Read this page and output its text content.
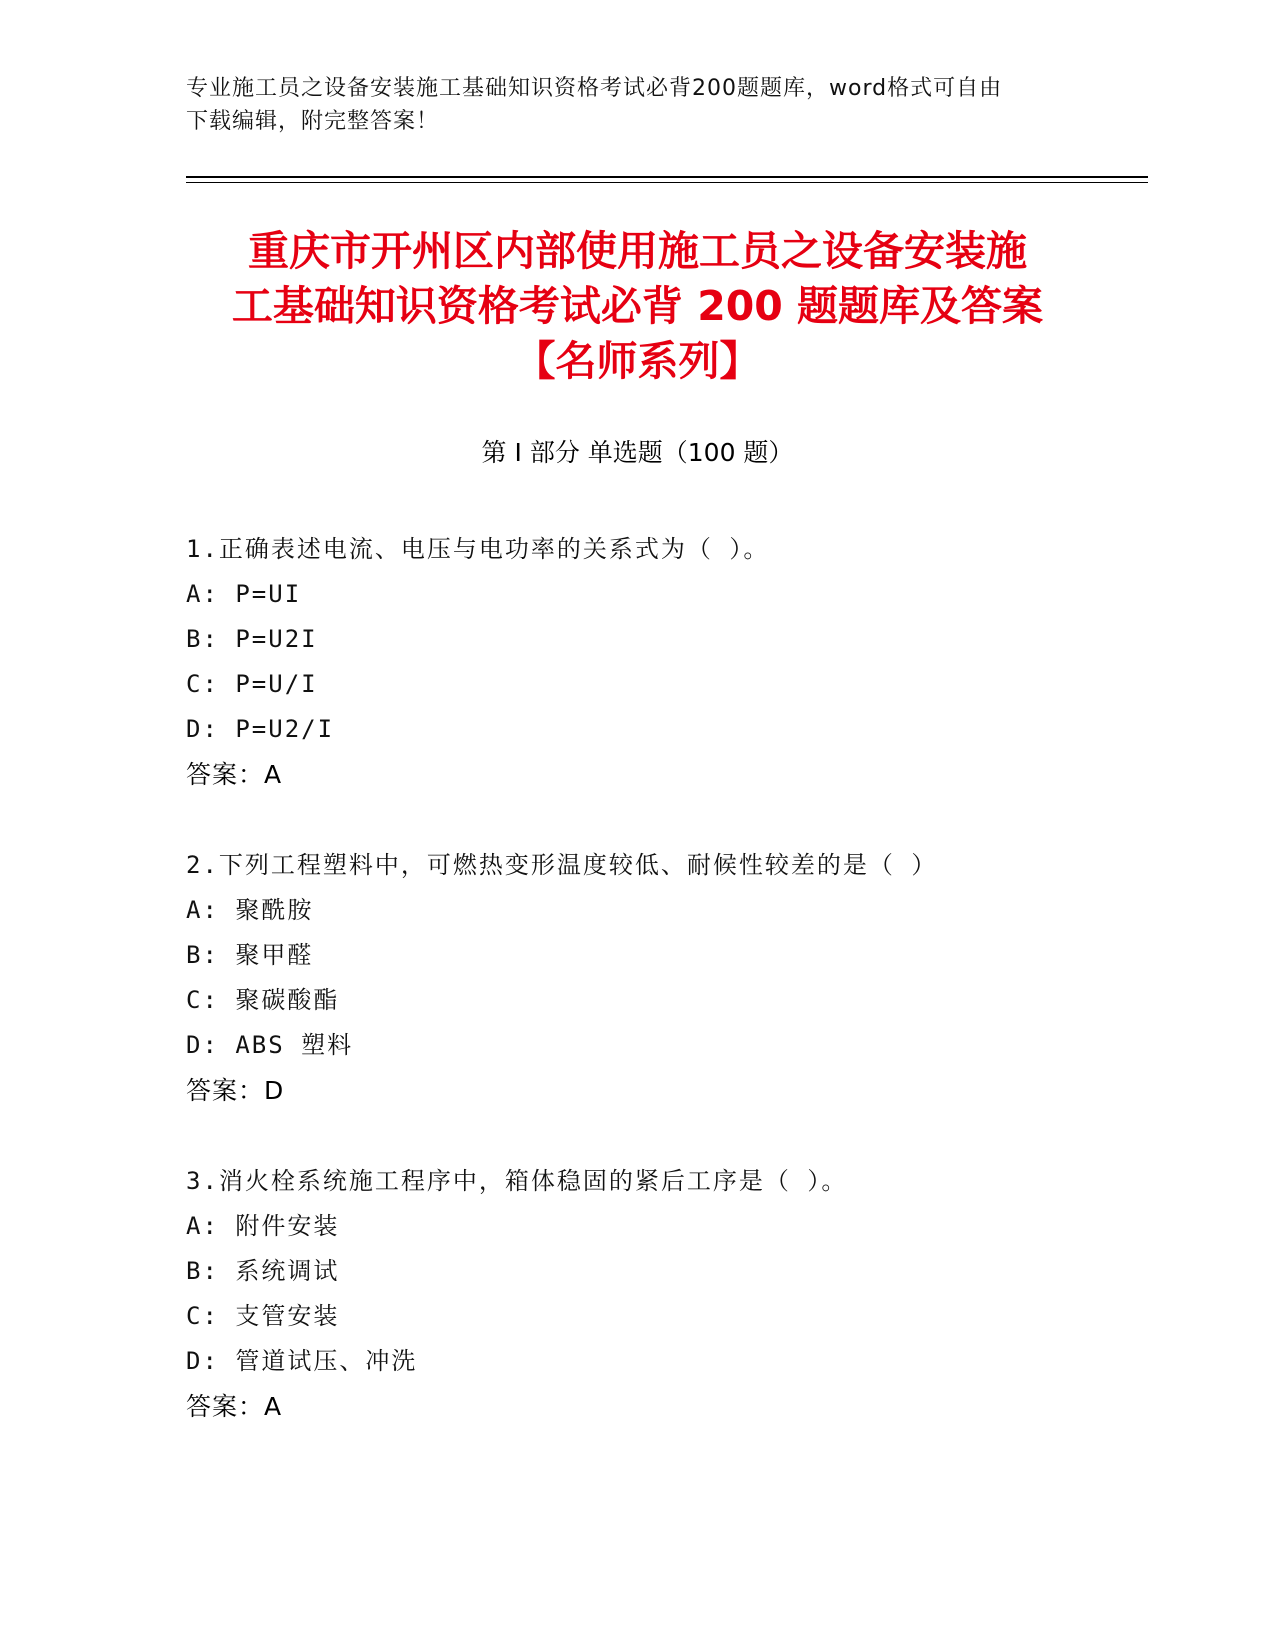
专业施工员之设备安装施工基础知识资格考试必背200题题库，word格式可自由
下载编辑，附完整答案！
重庆市开州区内部使用施工员之设备安装施
工基础知识资格考试必背 200 题题库及答案
【名师系列】
第 I 部分 单选题（100 题）
1.正确表述电流、电压与电功率的关系式为（ ）。
A: P=UI
B: P=U2I
C: P=U/I
D: P=U2/I
答案：A
2.下列工程塑料中，可燃热变形温度较低、耐候性较差的是（ ）
A: 聚酰胺
B: 聚甲醛
C: 聚碳酸酯
D: ABS 塑料
答案：D
3.消火栓系统施工程序中，箱体稳固的紧后工序是（ ）。
A: 附件安装
B: 系统调试
C: 支管安装
D: 管道试压、冲洗
答案：A
